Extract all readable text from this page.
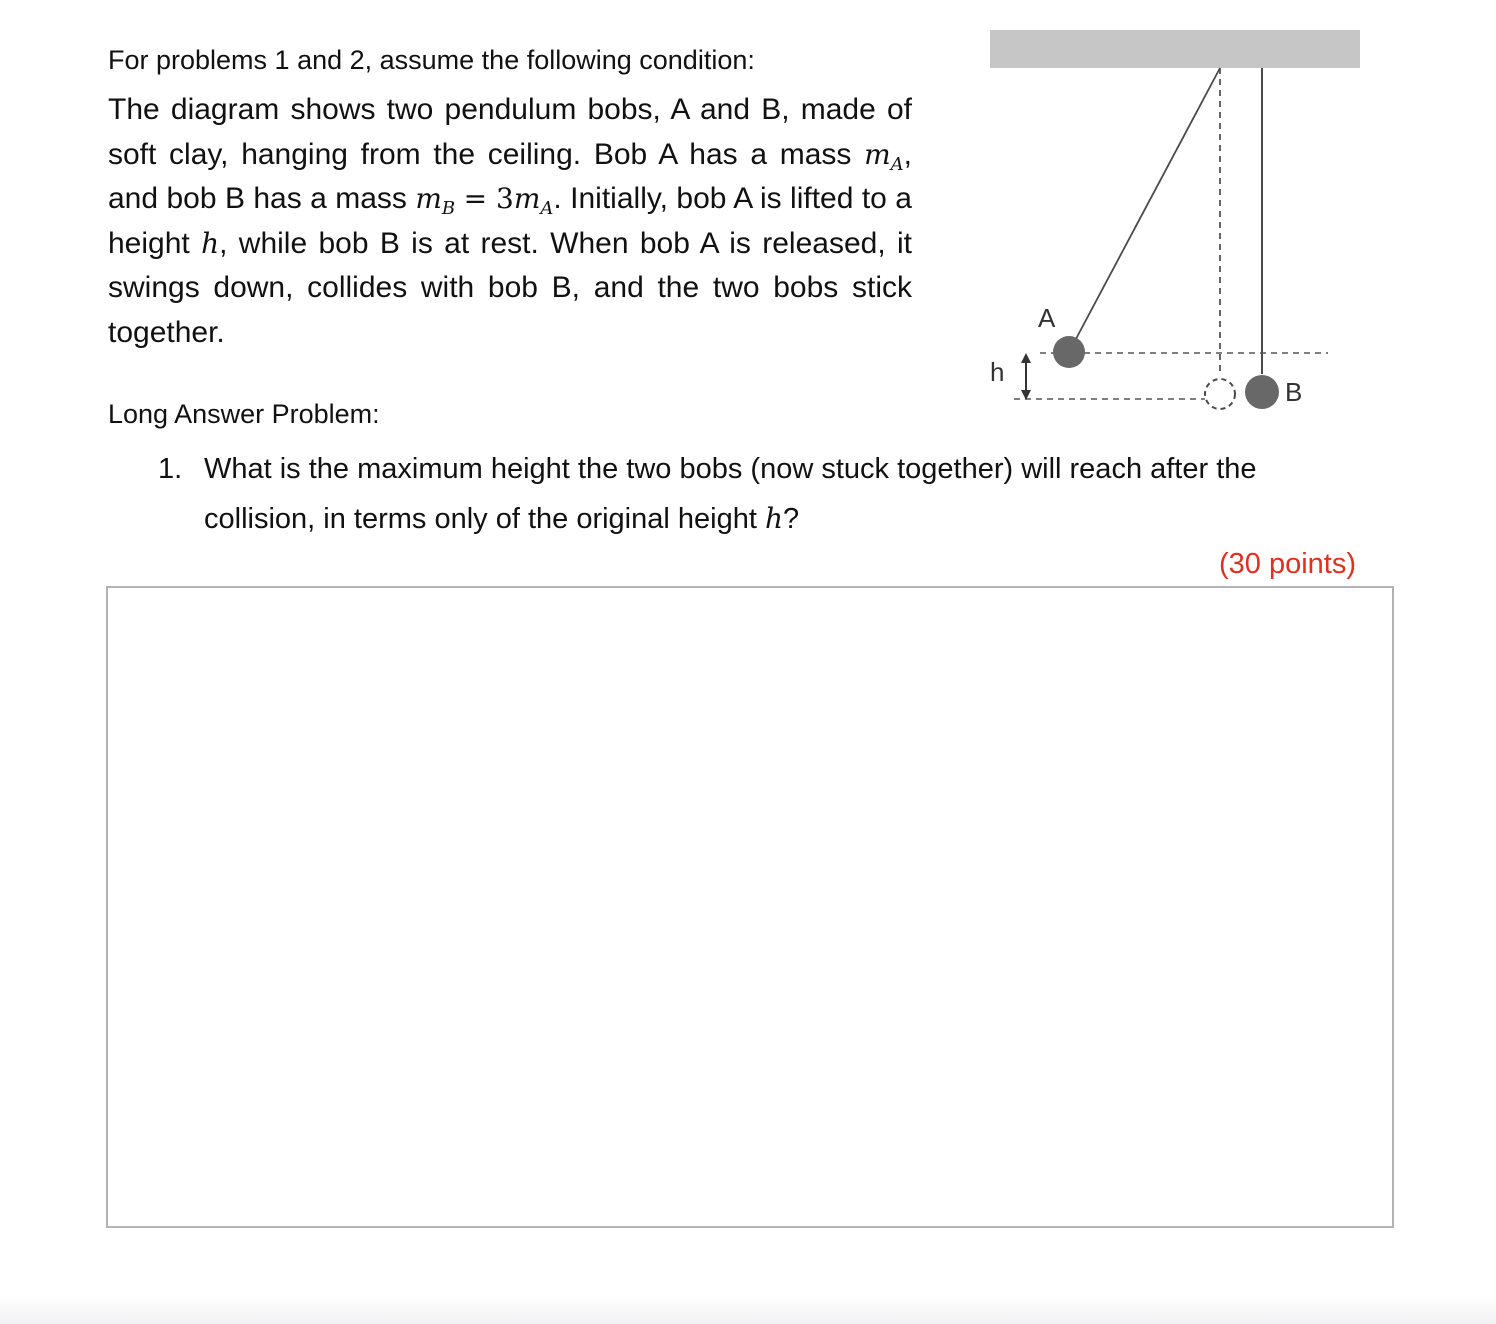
For problems 1 and 2, assume the following condition:

The diagram shows two pendulum bobs, A and B, made of soft clay, hanging from the ceiling. Bob A has a mass $m_A$, and bob B has a mass $m_B = 3m_A$. Initially, bob A is lifted to a height h, while bob B is at rest. When bob A is released, it swings down, collides with bob B, and the two bobs stick together.	A
B
h

Long Answer Problem:

1. What is the maximum height the two bobs (now stuck together) will reach after the collision, in terms only of the original height h?
(30 points)
